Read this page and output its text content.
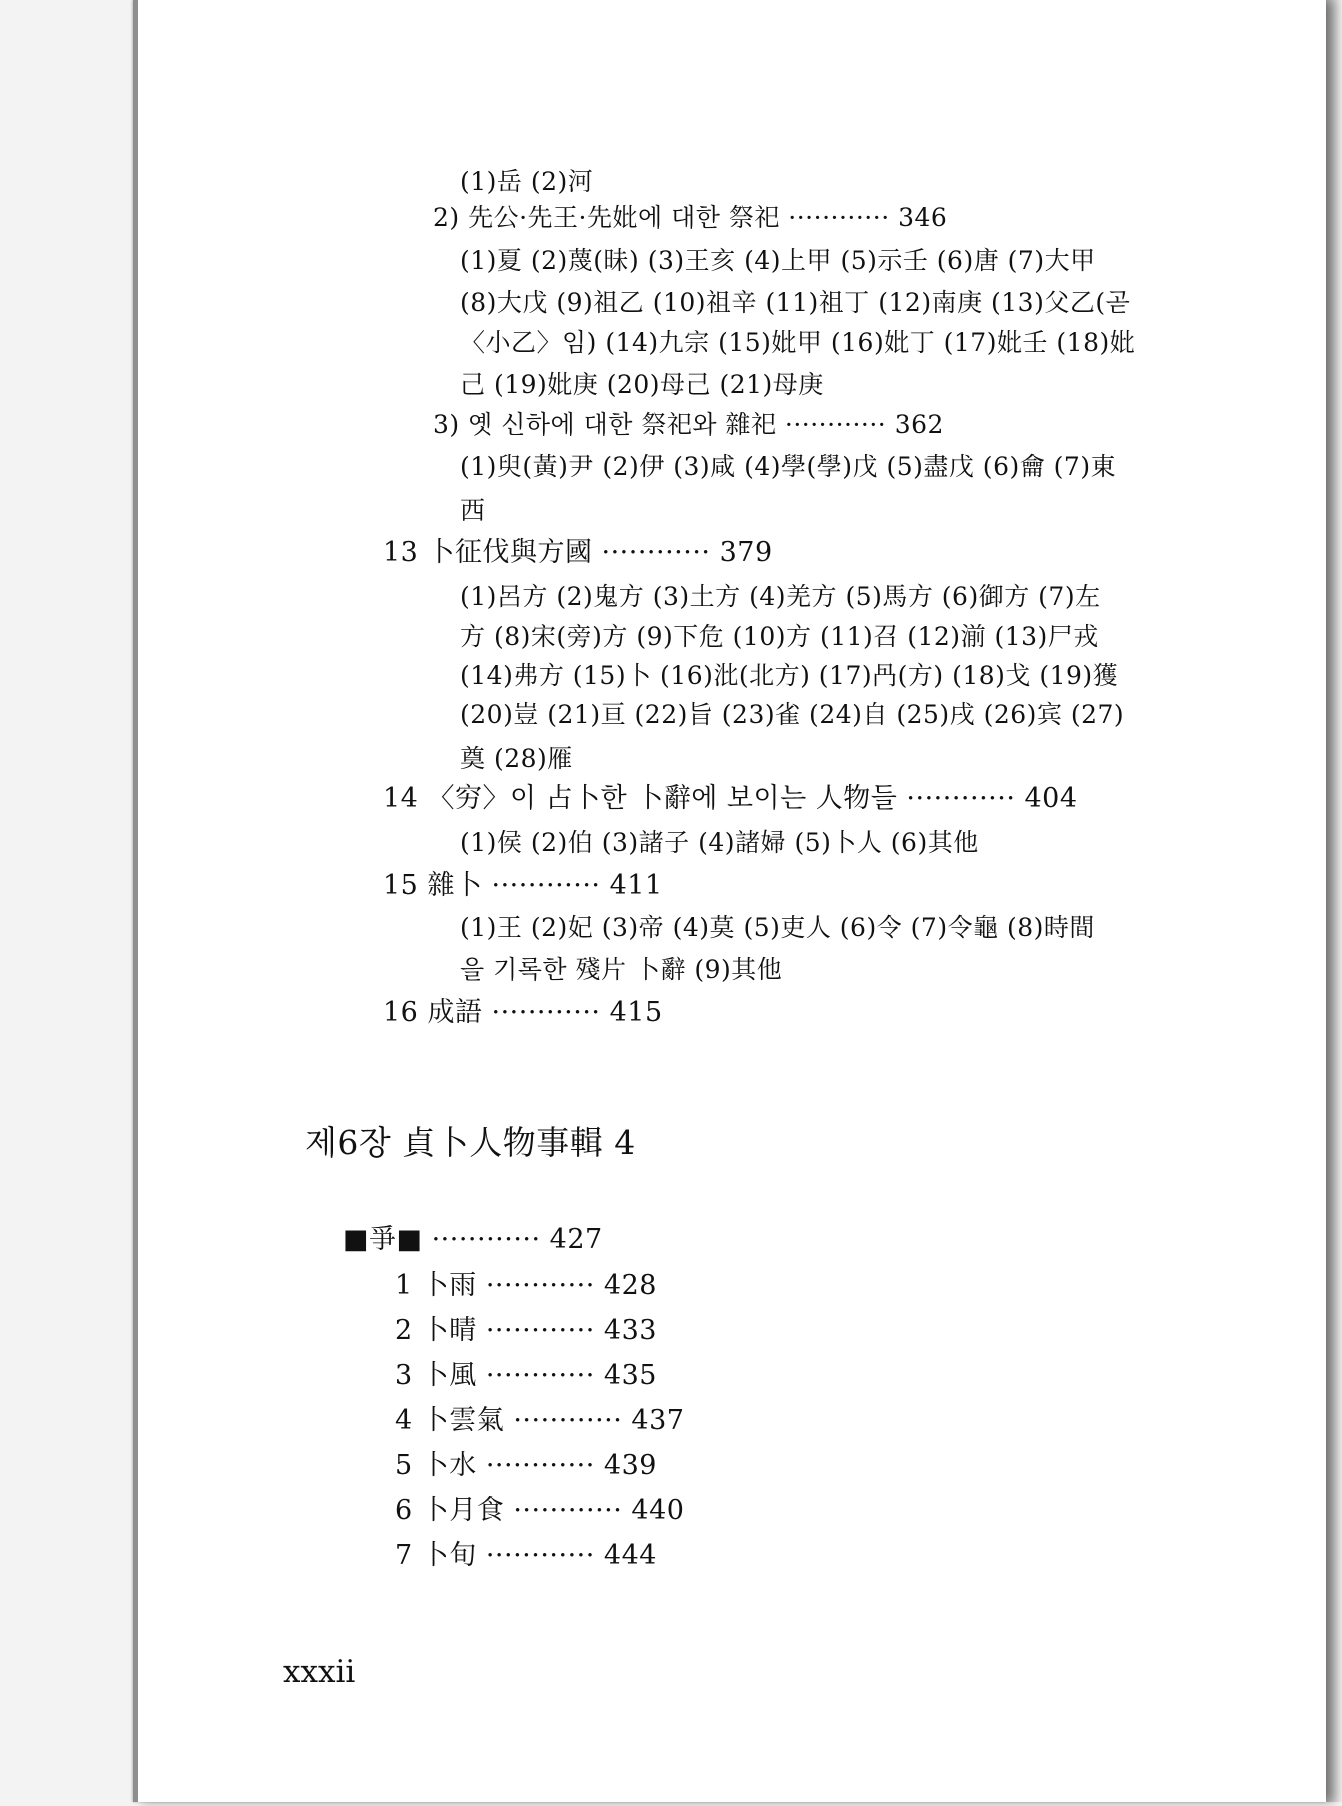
(1)岳 (2)河
2) 先公·先王·先妣에 대한 祭祀 ············ 346
(1)夏 (2)蔑(昧) (3)王亥 (4)上甲 (5)示壬 (6)唐 (7)大甲
(8)大戊 (9)祖乙 (10)祖辛 (11)祖丁 (12)南庚 (13)父乙(곧
〈小乙〉임) (14)九宗 (15)妣甲 (16)妣丁 (17)妣壬 (18)妣
己 (19)妣庚 (20)母己 (21)母庚
3) 옛 신하에 대한 祭祀와 雜祀 ············ 362
(1)臾(黃)尹 (2)伊 (3)咸 (4)學(學)戊 (5)盡戊 (6)龠 (7)東
西
13 卜征伐與方國 ············ 379
(1)呂方 (2)鬼方 (3)土方 (4)羌方 (5)馬方 (6)御方 (7)左
方 (8)宋(旁)方 (9)下危 (10)方 (11)召 (12)湔 (13)尸戎
(14)弗方 (15)卜 (16)沘(北方) (17)冎(方) (18)戈 (19)獲
(20)豈 (21)亘 (22)旨 (23)雀 (24)自 (25)戌 (26)宾 (27)
奠 (28)雁
14 〈穷〉이 占卜한 卜辭에 보이는 人物들 ············ 404
(1)侯 (2)伯 (3)諸子 (4)諸婦 (5)卜人 (6)其他
15 雜卜 ············ 411
(1)王 (2)妃 (3)帝 (4)莫 (5)吏人 (6)令 (7)令龜 (8)時間
을 기록한 殘片 卜辭 (9)其他
16 成語 ············ 415
제6장 貞卜人物事輯 4
■爭■ ············ 427
1 卜雨 ············ 428
2 卜晴 ············ 433
3 卜風 ············ 435
4 卜雲氣 ············ 437
5 卜水 ············ 439
6 卜月食 ············ 440
7 卜旬 ············ 444
xxxii
